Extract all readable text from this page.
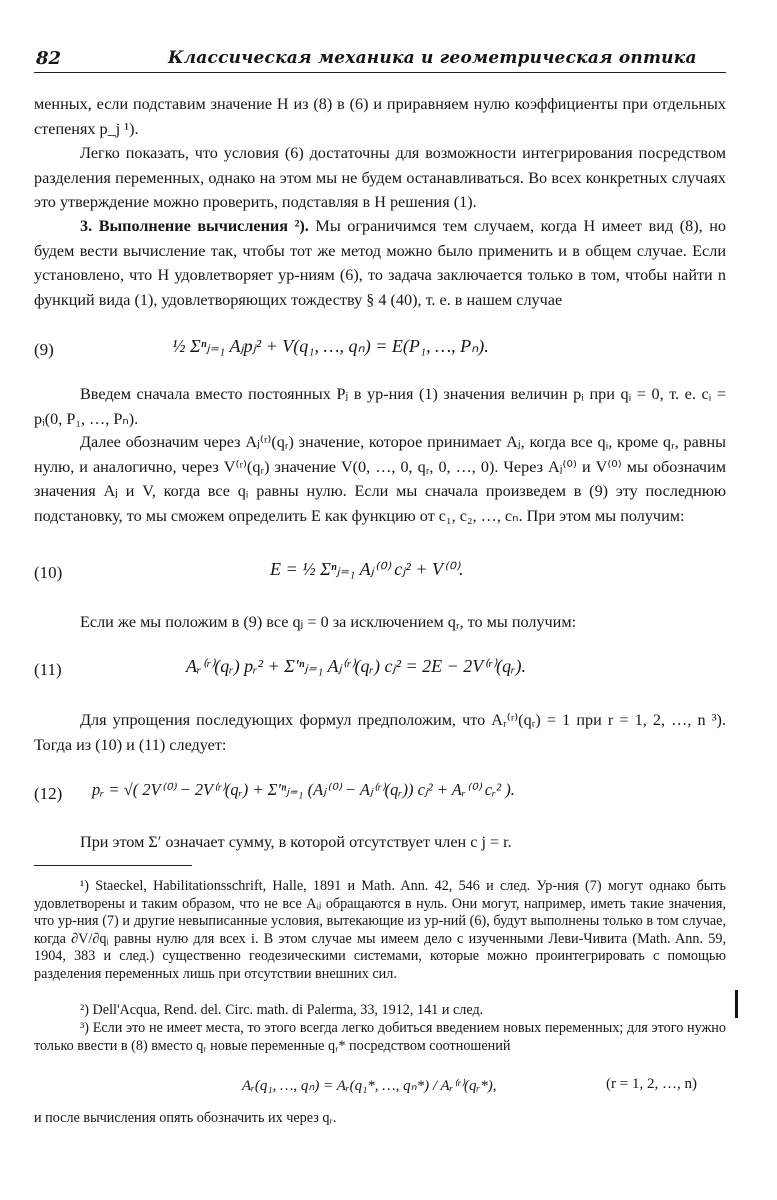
82	Классическая механика и геометрическая оптика
менных, если подставим значение H из (8) в (6) и приравняем нулю коэффициенты при отдельных степенях p_j ¹).
Легко показать, что условия (6) достаточны для возможности интегрирования посредством разделения переменных, однако на этом мы не будем останавливаться. Во всех конкретных случаях это утверждение можно проверить, подставляя в H решения (1).
3. Выполнение вычисления ²). Мы ограничимся тем случаем, когда H имеет вид (8), но будем вести вычисление так, чтобы тот же метод можно было применить и в общем случае. Если установлено, что H удовлетворяет ур-ниям (6), то задача заключается только в том, чтобы найти n функций вида (1), удовлетворяющих тождеству § 4 (40), т. е. в нашем случае
(9)	½ Σⁿⱼ₌₁ Aⱼpⱼ² + V(q₁, …, qₙ) = E(P₁, …, Pₙ).
Введем сначала вместо постоянных Pⱼ в ур-ния (1) значения величин pᵢ при qᵢ = 0, т. е. cᵢ = pᵢ(0, P₁, …, Pₙ).
Далее обозначим через Aⱼ⁽ʳ⁾(qᵣ) значение, которое принимает Aⱼ, когда все qᵢ, кроме qᵣ, равны нулю, и аналогично, через V⁽ʳ⁾(qᵣ) значение V(0, …, 0, qᵣ, 0, …, 0). Через Aⱼ⁽⁰⁾ и V⁽⁰⁾ мы обозначим значения Aⱼ и V, когда все qᵢ равны нулю. Если мы сначала произведем в (9) эту последнюю подстановку, то мы сможем определить E как функцию от c₁, c₂, …, cₙ. При этом мы получим:
(10)	E = ½ Σⁿⱼ₌₁ Aⱼ⁽⁰⁾ cⱼ² + V⁽⁰⁾.
Если же мы положим в (9) все qⱼ = 0 за исключением qᵣ, то мы получим:
(11)	Aᵣ⁽ʳ⁾(qᵣ) pᵣ² + Σ′ⁿⱼ₌₁ Aⱼ⁽ʳ⁾(qᵣ) cⱼ² = 2E − 2V⁽ʳ⁾(qᵣ).
Для упрощения последующих формул предположим, что Aᵣ⁽ʳ⁾(qᵣ) = 1 при r = 1, 2, …, n ³). Тогда из (10) и (11) следует:
(12) pᵣ = √( 2V⁽⁰⁾ − 2V⁽ʳ⁾(qᵣ) + Σ′ⁿⱼ₌₁ (Aⱼ⁽⁰⁾ − Aⱼ⁽ʳ⁾(qᵣ)) cⱼ² + Aᵣ⁽⁰⁾ cᵣ² ).
При этом Σ′ означает сумму, в которой отсутствует член с j = r.
¹) Staeckel, Habilitationsschrift, Halle, 1891 и Math. Ann. 42, 546 и след. Ур-ния (7) могут однако быть удовлетворены и таким образом, что не все Aᵢⱼ обращаются в нуль. Они могут, например, иметь такие значения, что ур-ния (7) и другие невыписанные условия, вытекающие из ур-ний (6), будут выполнены только в том случае, когда ∂V/∂qᵢ равны нулю для всех i. В этом случае мы имеем дело с изученными Леви-Чивита (Math. Ann. 59, 1904, 383 и след.) существенно геодезическими системами, которые можно проинтегрировать с помощью разделения переменных лишь при отсутствии внешних сил.
²) Dell'Acqua, Rend. del. Circ. math. di Palerma, 33, 1912, 141 и след.
³) Если это не имеет места, то этого всегда легко добиться введением новых переменных; для этого нужно только ввести в (8) вместо qᵣ новые переменные qᵣ* посредством соотношений
Aᵣ(q₁, …, qₙ) = Aᵣ(q₁*, …, qₙ*) / Aᵣ⁽ʳ⁾(qᵣ*),	(r = 1, 2, …, n)
и после вычисления опять обозначить их через qᵣ.
